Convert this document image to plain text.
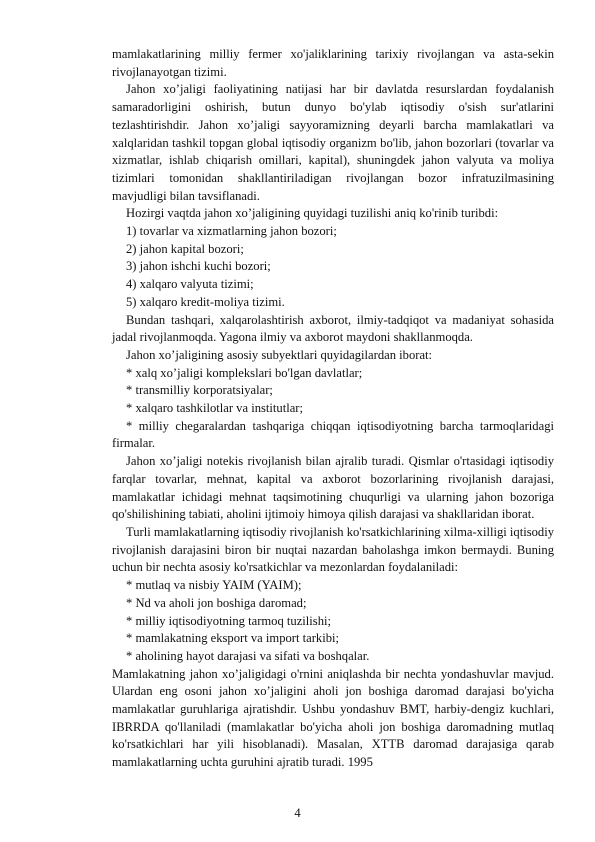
mamlakatlarining milliy fermer xo'jaliklarining tarixiy rivojlangan va asta-sekin rivojlanayotgan tizimi.

Jahon xo’jaligi faoliyatining natijasi har bir davlatda resurslardan foydalanish samaradorligini oshirish, butun dunyo bo'ylab iqtisodiy o'sish sur'atlarini tezlashtirishdir. Jahon xo’jaligi sayyoramizning deyarli barcha mamlakatlari va xalqlaridan tashkil topgan global iqtisodiy organizm bo'lib, jahon bozorlari (tovarlar va xizmatlar, ishlab chiqarish omillari, kapital), shuningdek jahon valyuta va moliya tizimlari tomonidan shakllantiriladigan rivojlangan bozor infratuzilmasining mavjudligi bilan tavsiflanadi.

Hozirgi vaqtda jahon xo’jaligining quyidagi tuzilishi aniq ko'rinib turibdi:

1) tovarlar va xizmatlarning jahon bozori;

2) jahon kapital bozori;

3) jahon ishchi kuchi bozori;

4) xalqaro valyuta tizimi;

5) xalqaro kredit-moliya tizimi.

Bundan tashqari, xalqarolashtirish axborot, ilmiy-tadqiqot va madaniyat sohasida jadal rivojlanmoqda. Yagona ilmiy va axborot maydoni shakllanmoqda.

Jahon xo’jaligining asosiy subyektlari quyidagilardan iborat:

* xalq xo’jaligi komplekslari bo'lgan davlatlar;

* transmilliy korporatsiyalar;

* xalqaro tashkilotlar va institutlar;

* milliy chegaralardan tashqariga chiqqan iqtisodiyotning barcha tarmoqlaridagi firmalar.

Jahon xo’jaligi notekis rivojlanish bilan ajralib turadi. Qismlar o'rtasidagi iqtisodiy farqlar tovarlar, mehnat, kapital va axborot bozorlarining rivojlanish darajasi, mamlakatlar ichidagi mehnat taqsimotining chuqurligi va ularning jahon bozoriga qo'shilishining tabiati, aholini ijtimoiy himoya qilish darajasi va shakllaridan iborat.

Turli mamlakatlarning iqtisodiy rivojlanish ko'rsatkichlarining xilma-xilligi iqtisodiy rivojlanish darajasini biron bir nuqtai nazardan baholashga imkon bermaydi. Buning uchun bir nechta asosiy ko'rsatkichlar va mezonlardan foydalaniladi:

* mutlaq va nisbiy YAIM (YAIM);

* Nd va aholi jon boshiga daromad;

* milliy iqtisodiyotning tarmoq tuzilishi;

* mamlakatning eksport va import tarkibi;

* aholining hayot darajasi va sifati va boshqalar.

Mamlakatning jahon xo’jaligidagi o'rnini aniqlashda bir nechta yondashuvlar mavjud. Ulardan eng osoni jahon xo’jaligini aholi jon boshiga daromad darajasi bo'yicha mamlakatlar guruhlariga ajratishdir. Ushbu yondashuv BMT, harbiy-dengiz kuchlari, IBRRDA qo'llaniladi (mamlakatlar bo'yicha aholi jon boshiga daromadning mutlaq ko'rsatkichlari har yili hisoblanadi). Masalan, XTTB daromad darajasiga qarab mamlakatlarning uchta guruhini ajratib turadi. 1995

4
